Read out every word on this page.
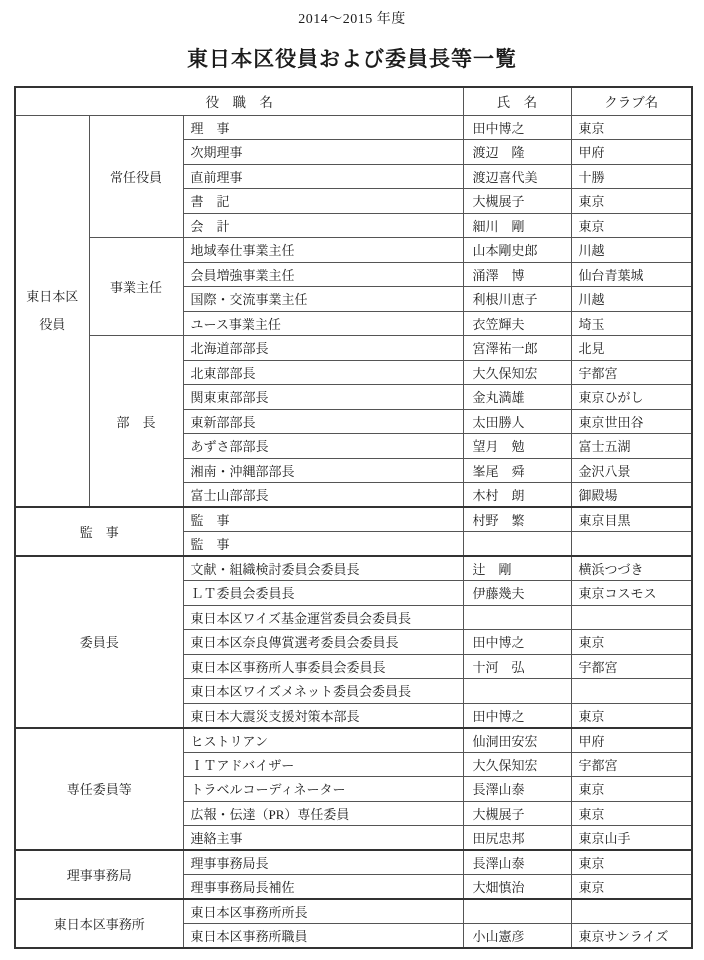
2014～2015 年度
東日本区役員および委員長等一覧
役　職　名			氏　名	クラブ名
東日本区
役員	常任役員	理　事	田中博之	東京
		次期理事	渡辺　隆	甲府
		直前理事	渡辺喜代美	十勝
		書　記	大槻展子	東京
		会　計	細川　剛	東京
	事業主任	地域奉仕事業主任	山本剛史郎	川越
		会員増強事業主任	涌澤　博	仙台青葉城
		国際・交流事業主任	利根川恵子	川越
		ユース事業主任	衣笠輝夫	埼玉
	部　長	北海道部部長	宮澤祐一郎	北見
		北東部部長	大久保知宏	宇都宮
		関東東部部長	金丸満雄	東京ひがし
		東新部部長	太田勝人	東京世田谷
		あずさ部部長	望月　勉	富士五湖
		湘南・沖縄部部長	峯尾　舜	金沢八景
		富士山部部長	木村　朗	御殿場
監　事		監　事	村野　繁	東京目黒
		監　事		
委員長		文献・組織検討委員会委員長	辻　剛	横浜つづき
		ＬＴ委員会委員長	伊藤幾夫	東京コスモス
		東日本区ワイズ基金運営委員会委員長		
		東日本区奈良傳賞選考委員会委員長	田中博之	東京
		東日本区事務所人事委員会委員長	十河　弘	宇都宮
		東日本区ワイズメネット委員会委員長		
		東日本大震災支援対策本部長	田中博之	東京
専任委員等		ヒストリアン	仙洞田安宏	甲府
		ＩＴアドバイザー	大久保知宏	宇都宮
		トラベルコーディネーター	長澤山泰	東京
		広報・伝達（PR）専任委員	大槻展子	東京
		連絡主事	田尻忠邦	東京山手
理事事務局		理事事務局長	長澤山泰	東京
		理事事務局長補佐	大畑慎治	東京
東日本区事務所		東日本区事務所所長		
		東日本区事務所職員	小山憲彦	東京サンライズ
